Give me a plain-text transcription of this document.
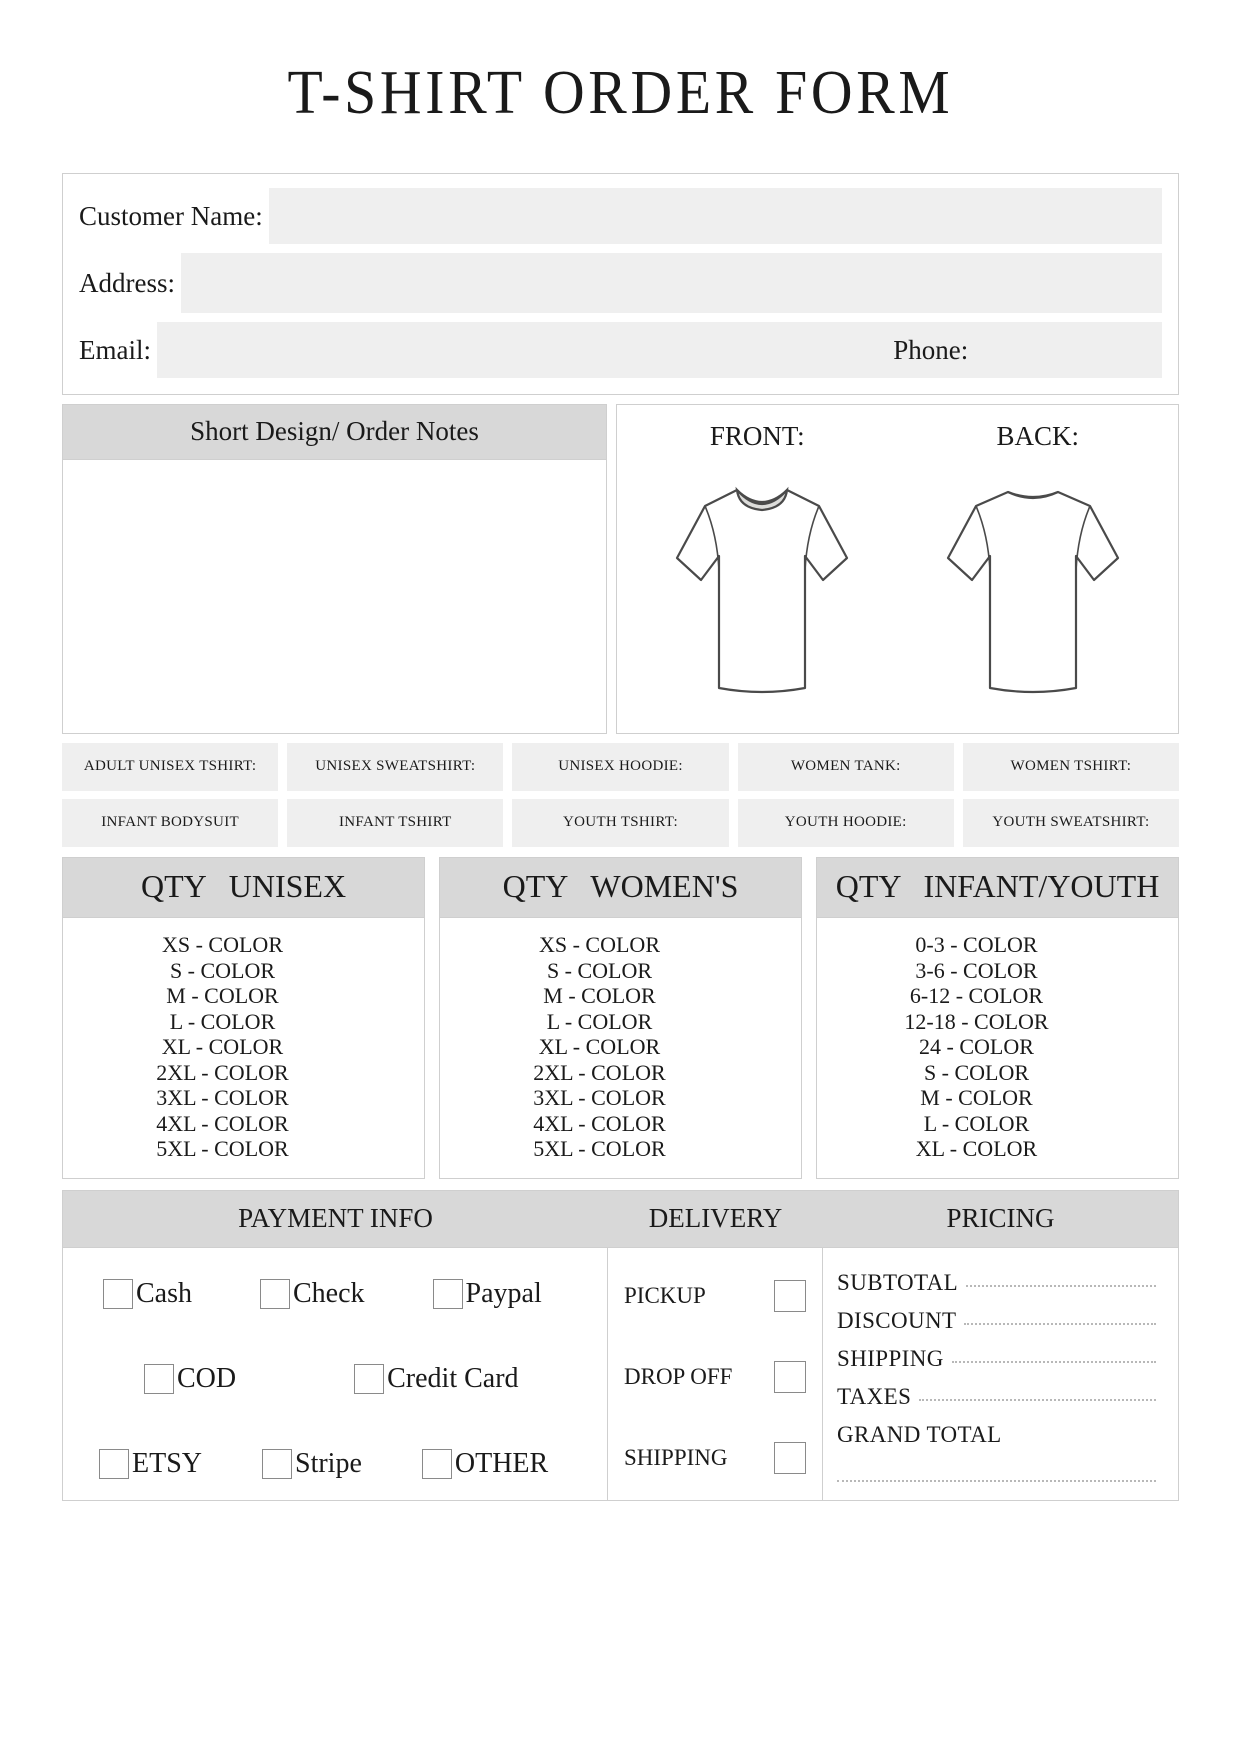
T-SHIRT ORDER FORM
Customer Name:
Address:
Email:	Phone:
Short Design/ Order Notes	FRONT:	BACK:
ADULT UNISEX TSHIRT:	UNISEX SWEATSHIRT:	UNISEX HOODIE:	WOMEN TANK:	WOMEN TSHIRT:
INFANT BODYSUIT	INFANT TSHIRT	YOUTH TSHIRT:	YOUTH HOODIE:	YOUTH SWEATSHIRT:
QTY UNISEX
XS - COLOR
S - COLOR
M - COLOR
L - COLOR
XL - COLOR
2XL - COLOR
3XL - COLOR
4XL - COLOR
5XL - COLOR
QTY WOMEN'S
XS - COLOR
S - COLOR
M - COLOR
L - COLOR
XL - COLOR
2XL - COLOR
3XL - COLOR
4XL - COLOR
5XL - COLOR
QTY INFANT/YOUTH
0-3 - COLOR
3-6 - COLOR
6-12 - COLOR
12-18 - COLOR
24 - COLOR
S - COLOR
M - COLOR
L - COLOR
XL - COLOR
PAYMENT INFO	DELIVERY	PRICING
Cash	Check	Paypal
COD	Credit Card
ETSY	Stripe	OTHER
PICKUP
DROP OFF
SHIPPING
SUBTOTAL
DISCOUNT
SHIPPING
TAXES
GRAND TOTAL
